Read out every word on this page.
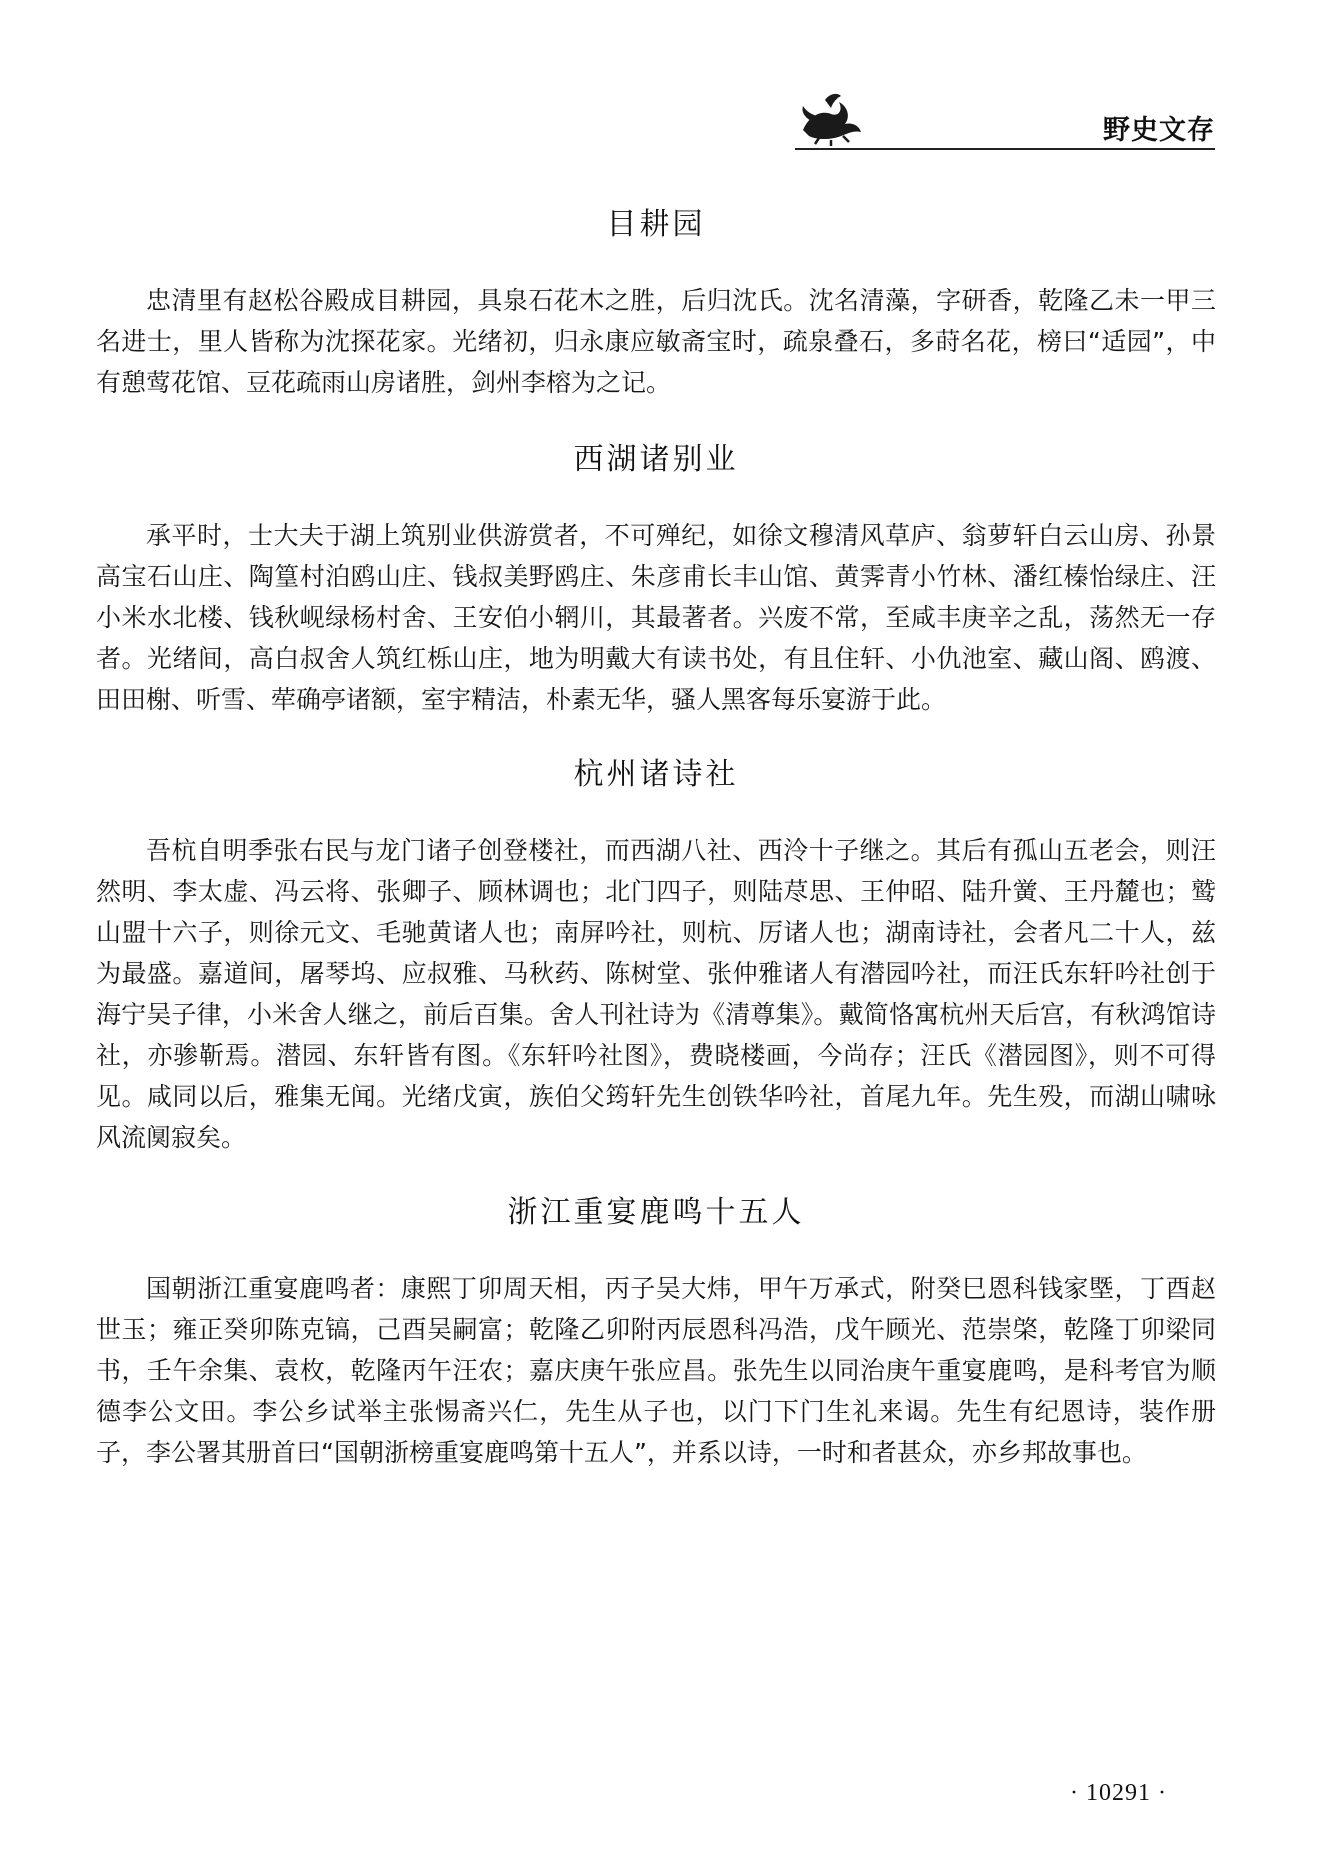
野史文存
目耕园

忠清里有赵松谷殿成目耕园，具泉石花木之胜，后归沈氏。沈名清藻，字研香，乾隆乙未一甲三名进士，里人皆称为沈探花家。光绪初，归永康应敏斋宝时，疏泉叠石，多莳名花，榜曰“适园”，中有憩莺花馆、豆花疏雨山房诸胜，剑州李榕为之记。

西湖诸别业

承平时，士大夫于湖上筑别业供游赏者，不可殚纪，如徐文穆清风草庐、翁萝轩白云山房、孙景高宝石山庄、陶篁村泊鸥山庄、钱叔美野鸥庄、朱彦甫长丰山馆、黄霁青小竹林、潘红榛怡绿庄、汪小米水北楼、钱秋岘绿杨村舍、王安伯小辋川，其最著者。兴废不常，至咸丰庚辛之乱，荡然无一存者。光绪间，高白叔舍人筑红栎山庄，地为明戴大有读书处，有且住轩、小仇池室、藏山阁、鸥渡、田田榭、听雪、荦确亭诸额，室宇精洁，朴素无华，骚人黑客每乐宴游于此。

杭州诸诗社

吾杭自明季张右民与龙门诸子创登楼社，而西湖八社、西泠十子继之。其后有孤山五老会，则汪然明、李太虚、冯云将、张卿子、顾林调也；北门四子，则陆荩思、王仲昭、陆升黉、王丹麓也；鹫山盟十六子，则徐元文、毛驰黄诸人也；南屏吟社，则杭、厉诸人也；湖南诗社，会者凡二十人，兹为最盛。嘉道间，屠琴坞、应叔雅、马秋药、陈树堂、张仲雅诸人有潜园吟社，而汪氏东轩吟社创于海宁吴子律，小米舍人继之，前后百集。舍人刊社诗为《清尊集》。戴简恪寓杭州天后宫，有秋鸿馆诗社，亦骖靳焉。潜园、东轩皆有图。《东轩吟社图》，费晓楼画，今尚存；汪氏《潜园图》，则不可得见。咸同以后，雅集无闻。光绪戊寅，族伯父筠轩先生创铁华吟社，首尾九年。先生殁，而湖山啸咏风流阒寂矣。

浙江重宴鹿鸣十五人

国朝浙江重宴鹿鸣者：康熙丁卯周天相，丙子吴大炜，甲午万承式，附癸巳恩科钱家塈，丁酉赵世玉；雍正癸卯陈克镐，己酉吴嗣富；乾隆乙卯附丙辰恩科冯浩，戊午顾光、范崇棨，乾隆丁卯梁同书，壬午余集、袁枚，乾隆丙午汪农；嘉庆庚午张应昌。张先生以同治庚午重宴鹿鸣，是科考官为顺德李公文田。李公乡试举主张惕斋兴仁，先生从子也，以门下门生礼来谒。先生有纪恩诗，装作册子，李公署其册首曰“国朝浙榜重宴鹿鸣第十五人”，并系以诗，一时和者甚众，亦乡邦故事也。

· 10291 ·
